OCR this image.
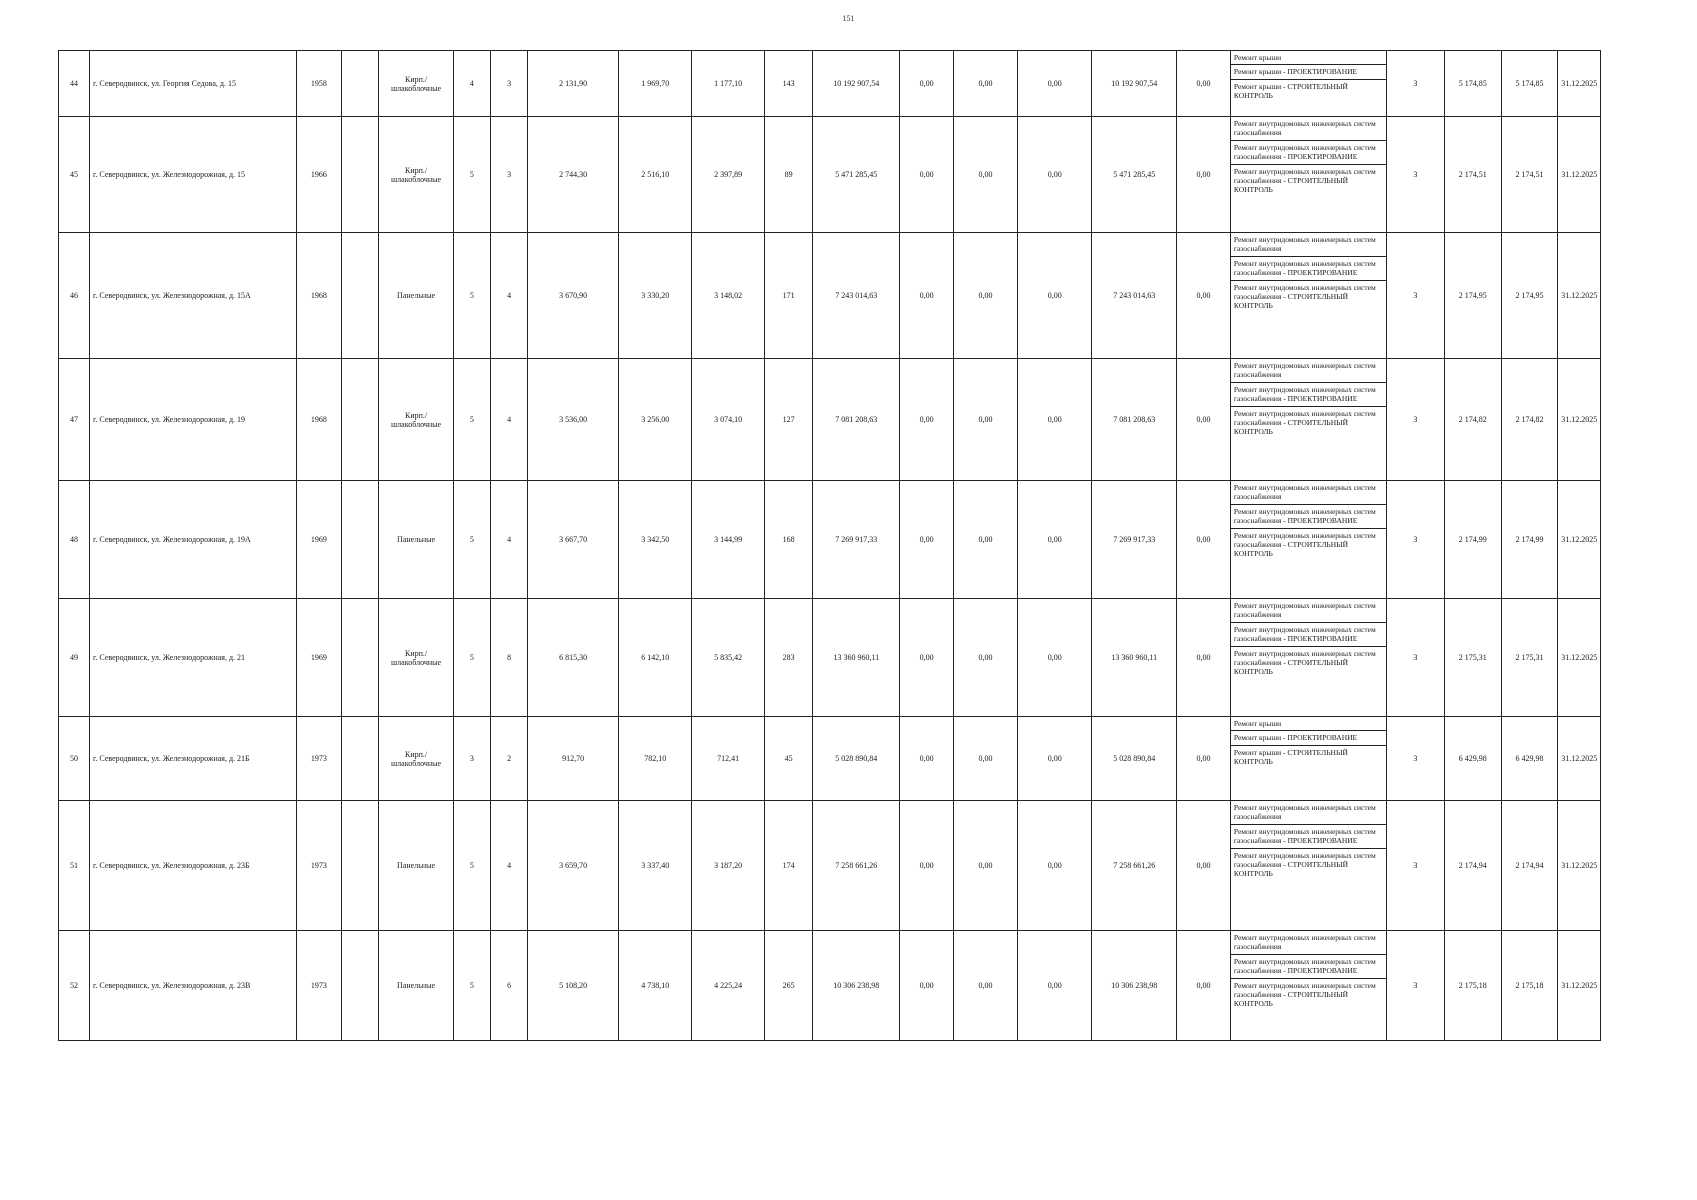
151
44	г. Северодвинск, ул. Георгия Седова, д. 15	1958		Кирп./ шлакоблочные	4	3	2 131,90	1 969,70	1 177,10	143	10 192 907,54	0,00	0,00	0,00	10 192 907,54	0,00	Ремонт крыши
Ремонт крыши - ПРОЕКТИРОВАНИЕ
Ремонт крыши - СТРОИТЕЛЬНЫЙ КОНТРОЛЬ	3	5 174,85	5 174,85	31.12.2025
45	г. Северодвинск, ул. Железнодорожная, д. 15	1966		Кирп./ шлакоблочные	5	3	2 744,30	2 516,10	2 397,89	89	5 471 285,45	0,00	0,00	0,00	5 471 285,45	0,00	Ремонт внутридомовых инженерных систем газоснабжения
Ремонт внутридомовых инженерных систем газоснабжения - ПРОЕКТИРОВАНИЕ
Ремонт внутридомовых инженерных систем газоснабжения - СТРОИТЕЛЬНЫЙ КОНТРОЛЬ	3	2 174,51	2 174,51	31.12.2025
46	г. Северодвинск, ул. Железнодорожная, д. 15А	1968		Панельные	5	4	3 670,90	3 330,20	3 148,02	171	7 243 014,63	0,00	0,00	0,00	7 243 014,63	0,00	Ремонт внутридомовых инженерных систем газоснабжения
Ремонт внутридомовых инженерных систем газоснабжения - ПРОЕКТИРОВАНИЕ
Ремонт внутридомовых инженерных систем газоснабжения - СТРОИТЕЛЬНЫЙ КОНТРОЛЬ	3	2 174,95	2 174,95	31.12.2025
47	г. Северодвинск, ул. Железнодорожная, д. 19	1968		Кирп./ шлакоблочные	5	4	3 536,00	3 256,00	3 074,10	127	7 081 208,63	0,00	0,00	0,00	7 081 208,63	0,00	Ремонт внутридомовых инженерных систем газоснабжения
Ремонт внутридомовых инженерных систем газоснабжения - ПРОЕКТИРОВАНИЕ
Ремонт внутридомовых инженерных систем газоснабжения - СТРОИТЕЛЬНЫЙ КОНТРОЛЬ	3	2 174,82	2 174,82	31.12.2025
48	г. Северодвинск, ул. Железнодорожная, д. 19А	1969		Панельные	5	4	3 667,70	3 342,50	3 144,99	168	7 269 917,33	0,00	0,00	0,00	7 269 917,33	0,00	Ремонт внутридомовых инженерных систем газоснабжения
Ремонт внутридомовых инженерных систем газоснабжения - ПРОЕКТИРОВАНИЕ
Ремонт внутридомовых инженерных систем газоснабжения - СТРОИТЕЛЬНЫЙ КОНТРОЛЬ	3	2 174,99	2 174,99	31.12.2025
49	г. Северодвинск, ул. Железнодорожная, д. 21	1969		Кирп./ шлакоблочные	5	8	6 815,30	6 142,10	5 835,42	283	13 360 960,11	0,00	0,00	0,00	13 360 960,11	0,00	Ремонт внутридомовых инженерных систем газоснабжения
Ремонт внутридомовых инженерных систем газоснабжения - ПРОЕКТИРОВАНИЕ
Ремонт внутридомовых инженерных систем газоснабжения - СТРОИТЕЛЬНЫЙ КОНТРОЛЬ	3	2 175,31	2 175,31	31.12.2025
50	г. Северодвинск, ул. Железнодорожная, д. 21Б	1973		Кирп./ шлакоблочные	3	2	912,70	782,10	712,41	45	5 028 890,84	0,00	0,00	0,00	5 028 890,84	0,00	Ремонт крыши
Ремонт крыши - ПРОЕКТИРОВАНИЕ
Ремонт крыши - СТРОИТЕЛЬНЫЙ КОНТРОЛЬ	3	6 429,98	6 429,98	31.12.2025
51	г. Северодвинск, ул. Железнодорожная, д. 23Б	1973		Панельные	5	4	3 659,70	3 337,40	3 187,20	174	7 258 661,26	0,00	0,00	0,00	7 258 661,26	0,00	Ремонт внутридомовых инженерных систем газоснабжения
Ремонт внутридомовых инженерных систем газоснабжения - ПРОЕКТИРОВАНИЕ
Ремонт внутридомовых инженерных систем газоснабжения - СТРОИТЕЛЬНЫЙ КОНТРОЛЬ	3	2 174,94	2 174,94	31.12.2025
52	г. Северодвинск, ул. Железнодорожная, д. 23В	1973		Панельные	5	6	5 108,20	4 738,10	4 225,24	265	10 306 238,98	0,00	0,00	0,00	10 306 238,98	0,00	Ремонт внутридомовых инженерных систем газоснабжения
Ремонт внутридомовых инженерных систем газоснабжения - ПРОЕКТИРОВАНИЕ
Ремонт внутридомовых инженерных систем газоснабжения - СТРОИТЕЛЬНЫЙ КОНТРОЛЬ	3	2 175,18	2 175,18	31.12.2025
